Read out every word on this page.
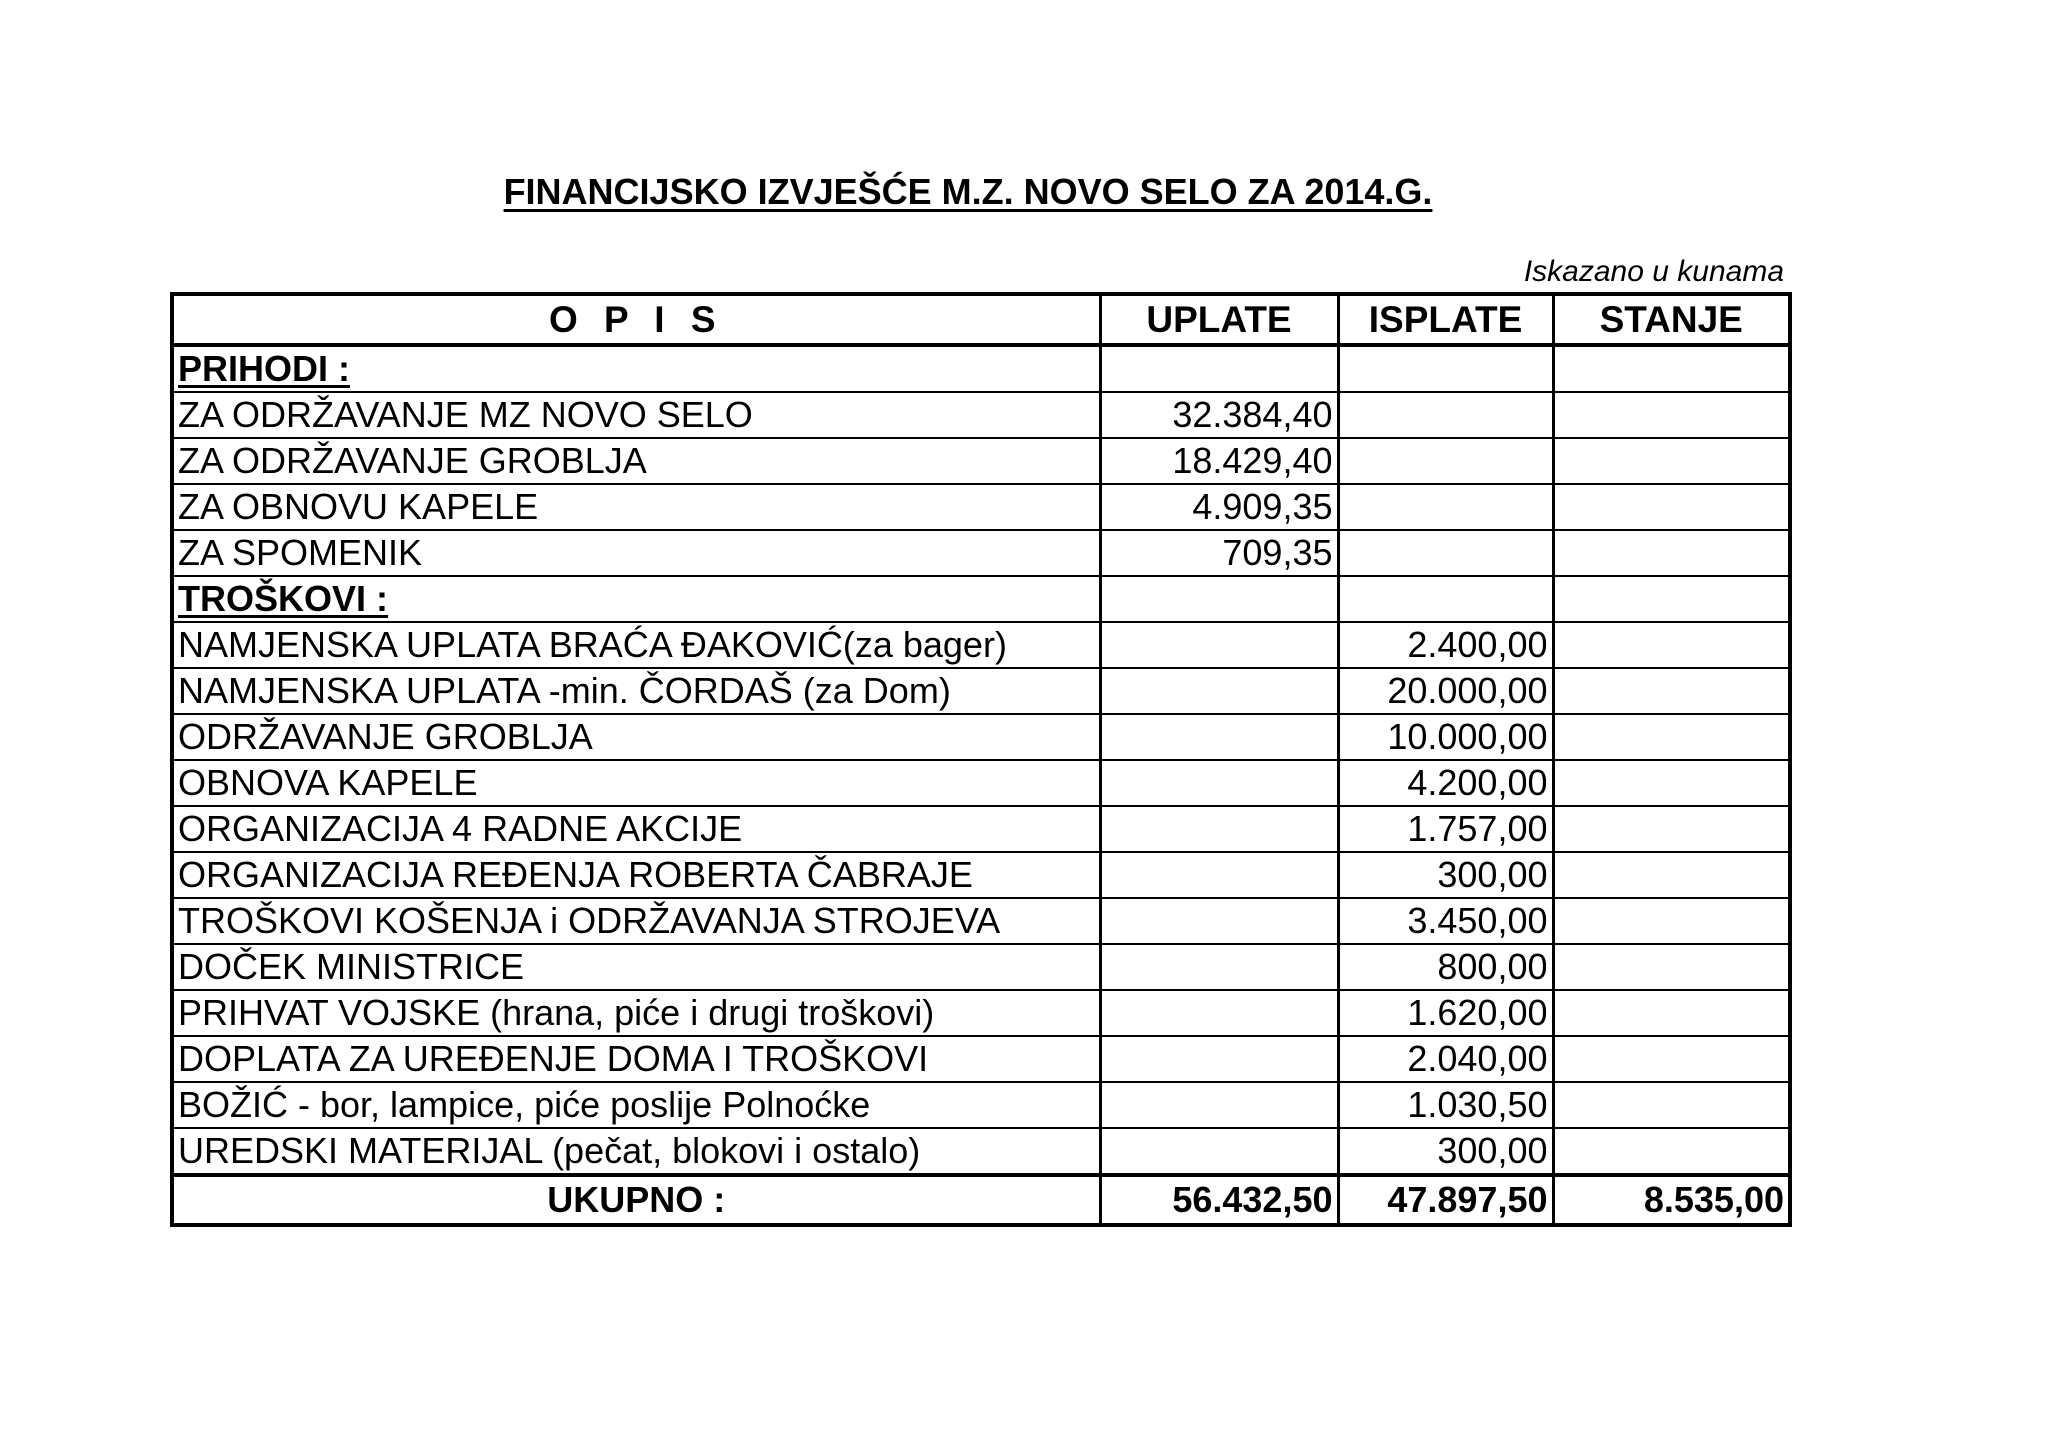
FINANCIJSKO IZVJEŠĆE M.Z. NOVO SELO ZA 2014.G.
Iskazano u kunama
O P I S	UPLATE	ISPLATE	STANJE
PRIHODI :			
ZA ODRŽAVANJE MZ NOVO SELO	32.384,40		
ZA ODRŽAVANJE GROBLJA	18.429,40		
ZA OBNOVU KAPELE	4.909,35		
ZA SPOMENIK	709,35		
TROŠKOVI :			
NAMJENSKA UPLATA BRAĆA ĐAKOVIĆ(za bager)		2.400,00	
NAMJENSKA UPLATA -min. ČORDAŠ (za Dom)		20.000,00	
ODRŽAVANJE GROBLJA		10.000,00	
OBNOVA KAPELE		4.200,00	
ORGANIZACIJA 4 RADNE AKCIJE		1.757,00	
ORGANIZACIJA REĐENJA ROBERTA ČABRAJE		300,00	
TROŠKOVI KOŠENJA i ODRŽAVANJA STROJEVA		3.450,00	
DOČEK MINISTRICE		800,00	
PRIHVAT VOJSKE (hrana, piće i drugi troškovi)		1.620,00	
DOPLATA ZA UREĐENJE DOMA I TROŠKOVI		2.040,00	
BOŽIĆ - bor, lampice, piće poslije Polnoćke		1.030,50	
UREDSKI MATERIJAL (pečat, blokovi i ostalo)		300,00	
UKUPNO :	56.432,50	47.897,50	8.535,00
